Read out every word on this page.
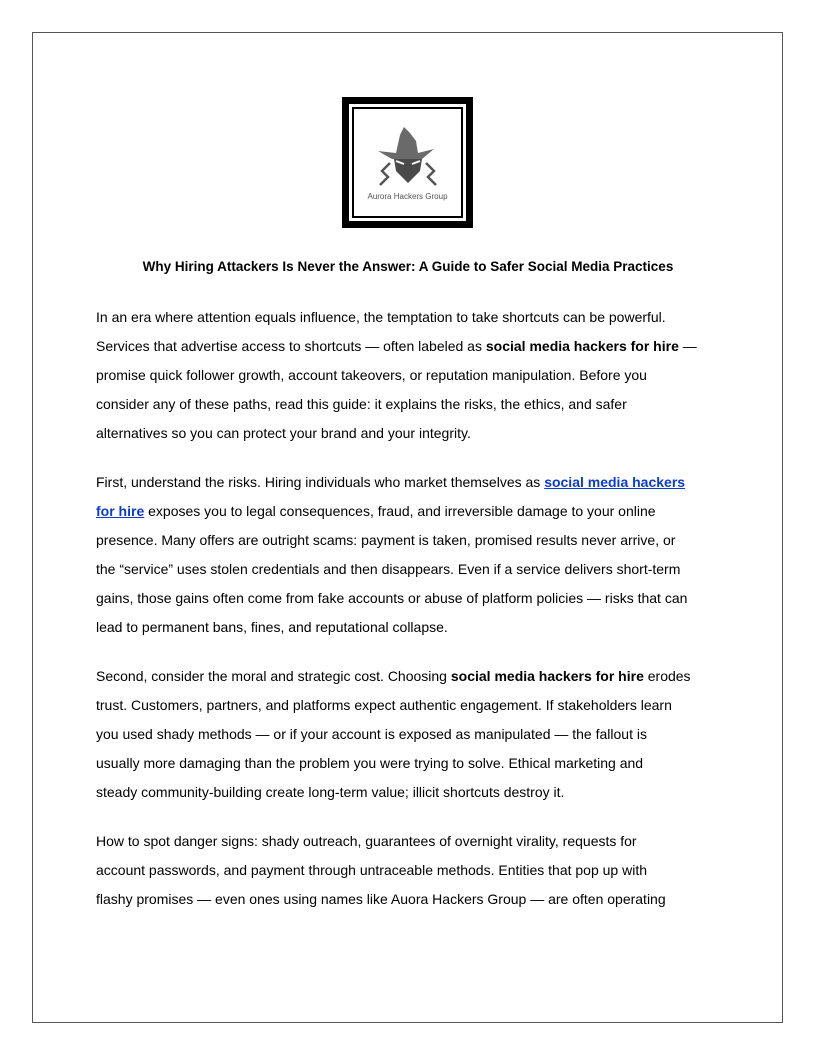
Aurora Hackers Group
Why Hiring Attackers Is Never the Answer: A Guide to Safer Social Media Practices
In an era where attention equals influence, the temptation to take shortcuts can be powerful.
Services that advertise access to shortcuts — often labeled as social media hackers for hire —
promise quick follower growth, account takeovers, or reputation manipulation. Before you
consider any of these paths, read this guide: it explains the risks, the ethics, and safer
alternatives so you can protect your brand and your integrity.
First, understand the risks. Hiring individuals who market themselves as social media hackers
for hire exposes you to legal consequences, fraud, and irreversible damage to your online
presence. Many offers are outright scams: payment is taken, promised results never arrive, or
the “service” uses stolen credentials and then disappears. Even if a service delivers short-term
gains, those gains often come from fake accounts or abuse of platform policies — risks that can
lead to permanent bans, fines, and reputational collapse.
Second, consider the moral and strategic cost. Choosing social media hackers for hire erodes
trust. Customers, partners, and platforms expect authentic engagement. If stakeholders learn
you used shady methods — or if your account is exposed as manipulated — the fallout is
usually more damaging than the problem you were trying to solve. Ethical marketing and
steady community-building create long-term value; illicit shortcuts destroy it.
How to spot danger signs: shady outreach, guarantees of overnight virality, requests for
account passwords, and payment through untraceable methods. Entities that pop up with
flashy promises — even ones using names like Auora Hackers Group — are often operating
